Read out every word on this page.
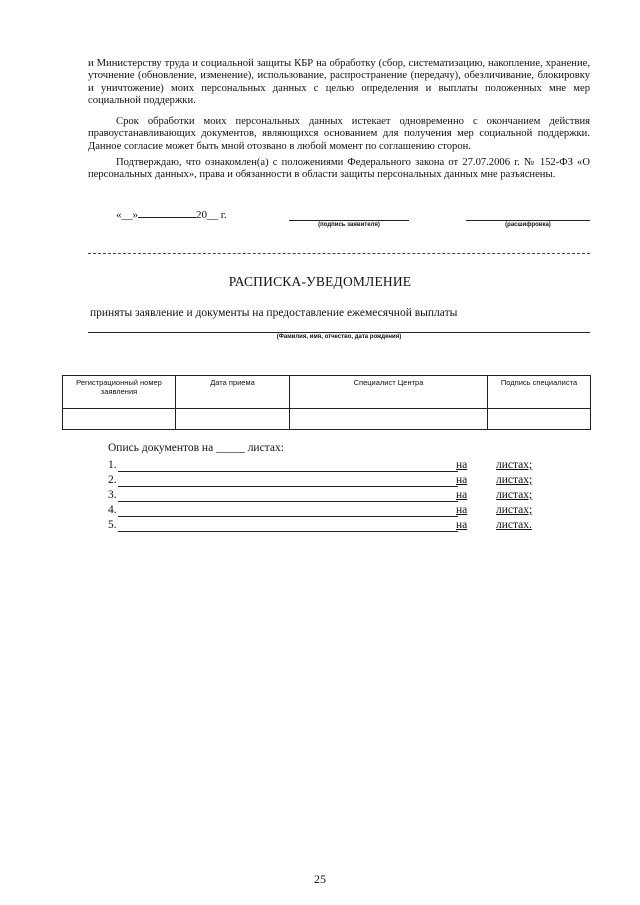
и Министерству труда и социальной защиты КБР на обработку (сбор, систематизацию, накопление, хранение, уточнение (обновление, изменение), использование, распространение (передачу), обезличивание, блокировку и уничтожение) моих персональных данных с целью определения и выплаты положенных мне мер социальной поддержки.

Срок обработки моих персональных данных истекает одновременно с окончанием действия правоустанавливающих документов, являющихся основанием для получения мер социальной поддержки. Данное согласие может быть мной отозвано в любой момент по соглашению сторон.

Подтверждаю, что ознакомлен(а) с положениями Федерального закона от 27.07.2006 г. № 152-ФЗ «О персональных данных», права и обязанности в области защиты персональных данных мне разъяснены.

«__»	20__ г.
(подпись заявителя)	(расшифровка)
РАСПИСКА-УВЕДОМЛЕНИЕ
приняты заявление и документы на предоставление ежемесячной выплаты
(Фамилия, имя, отчество, дата рождения)
Регистрационный номер заявления	Дата приема	Специалист Центра	Подпись специалиста

Опись документов на _____ листах:
1.	на листах;
2.	на листах;
3.	на листах;
4.	на листах;
5.	на листах.
25
